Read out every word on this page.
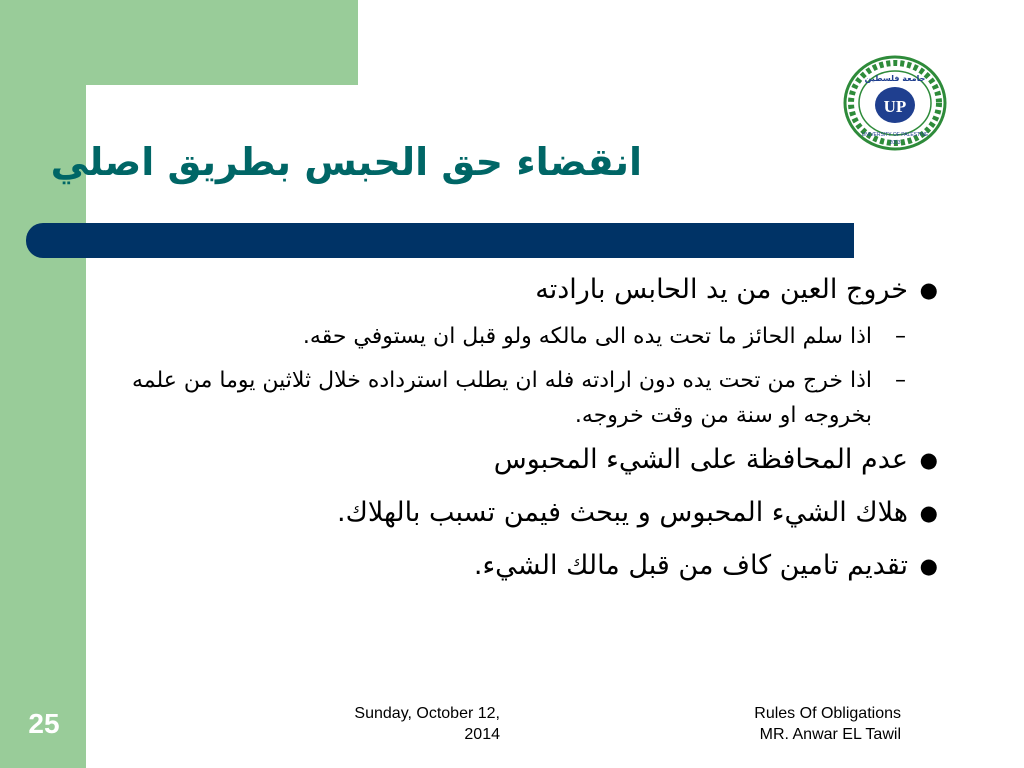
انقضاء حق الحبس بطريق اصلي
UP
جامعة فلسطين
UNIVERSITY OF PALESTINE
2003
●
خروج العين من يد الحابس بارادته
–
اذا سلم الحائز ما تحت يده الى مالكه ولو قبل ان يستوفي حقه.
–
اذا خرج من تحت يده دون ارادته فله ان يطلب استرداده خلال ثلاثين يوما من علمه بخروجه او سنة من وقت خروجه.
●
عدم المحافظة على الشيء المحبوس
●
هلاك الشيء المحبوس و يبحث فيمن تسبب بالهلاك.
●
تقديم تامين كاف من قبل مالك الشيء.
25	Sunday, October 12,
2014
Rules Of Obligations
MR. Anwar EL Tawil
